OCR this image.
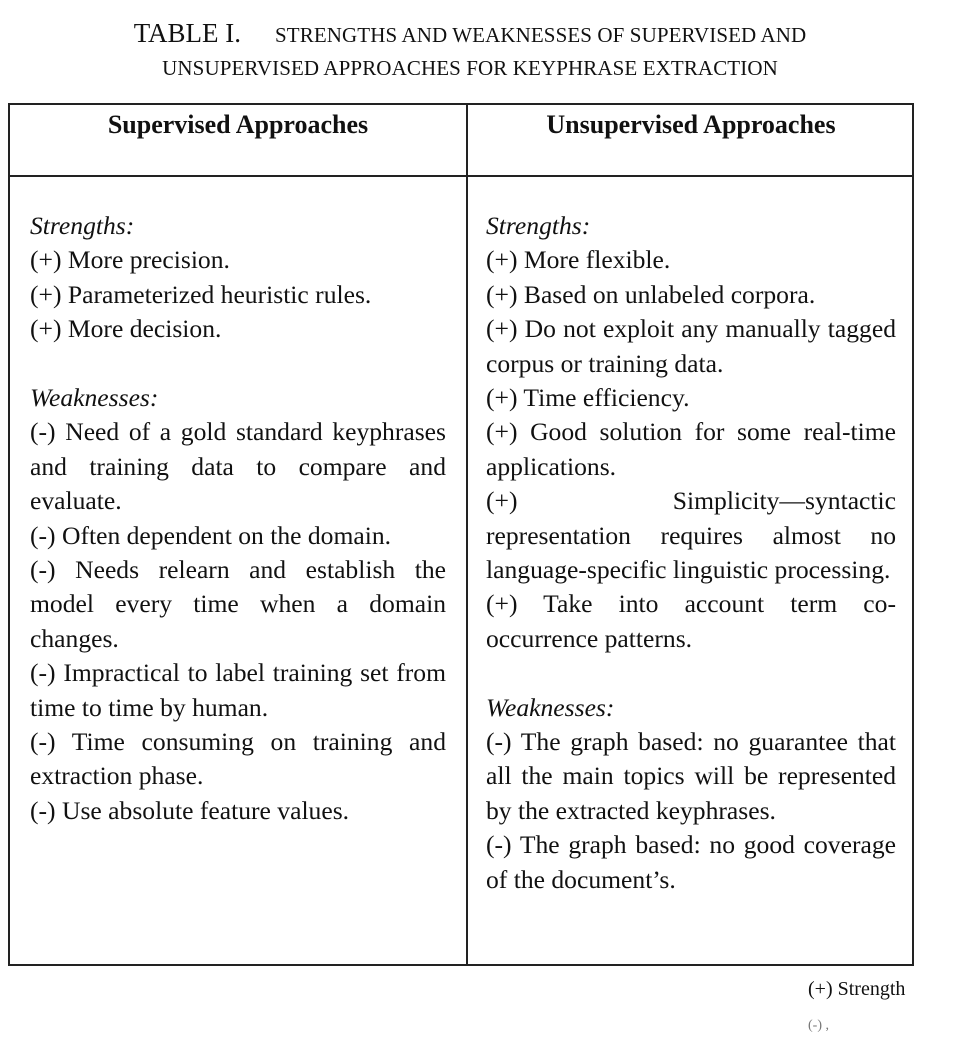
TABLE I. STRENGTHS AND WEAKNESSES OF SUPERVISED AND
UNSUPERVISED APPROACHES FOR KEYPHRASE EXTRACTION
Supervised Approaches	Unsupervised Approaches
Strengths:
(+) More precision.
(+) Parameterized heuristic rules.
(+) More decision.
Weaknesses:
(-) Need of a gold standard keyphrases and training data to compare and evaluate.
(-) Often dependent on the domain.
(-) Needs relearn and establish the model every time when a domain changes.
(-) Impractical to label training set from time to time by human.
(-) Time consuming on training and extraction phase.
(-) Use absolute feature values.
Strengths:
(+) More flexible.
(+) Based on unlabeled corpora.
(+) Do not exploit any manually tagged corpus or training data.
(+) Time efficiency.
(+) Good solution for some real-time applications.
(+) Simplicity—syntactic representation requires almost no language-specific linguistic processing.
(+) Take into account term co-occurrence patterns.
Weaknesses:
(-) The graph based: no guarantee that all the main topics will be represented by the extracted keyphrases.
(-) The graph based: no good coverage of the document’s.
(+) Strength
(-) ,
